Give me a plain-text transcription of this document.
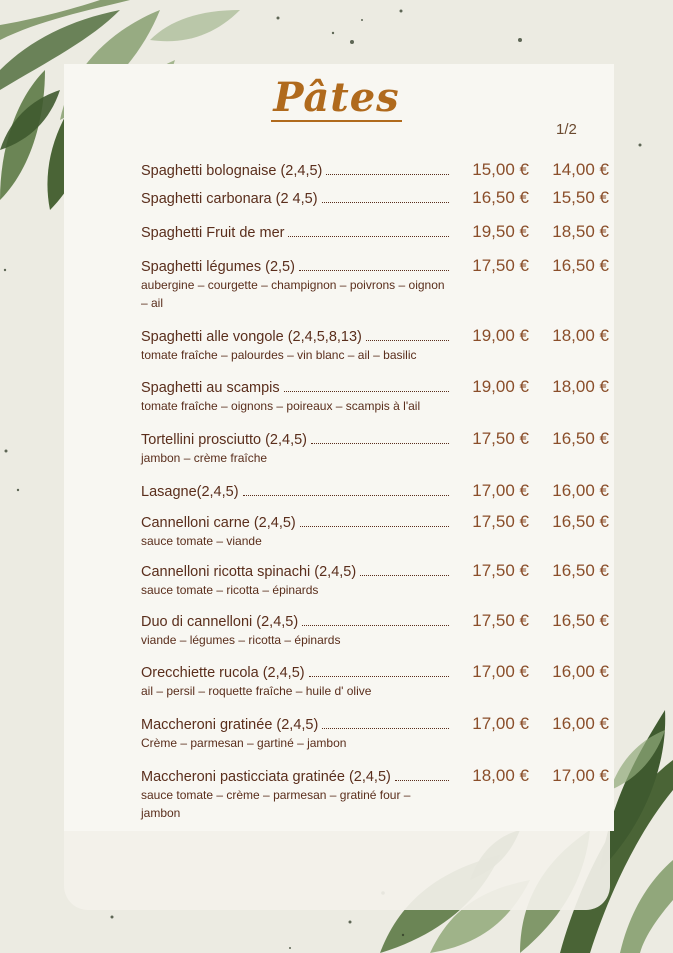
Pâtes
1/2
Spaghetti bolognaise (2,4,5)	15,00 €	14,00 €
Spaghetti carbonara (2 4,5)	16,50 €	15,50 €
Spaghetti Fruit de mer	19,50 €	18,50 €
Spaghetti légumes (2,5)	17,50 €	16,50 €
aubergine – courgette – champignon – poivrons – oignon – ail
Spaghetti alle vongole (2,4,5,8,13)	19,00 €	18,00 €
tomate fraîche – palourdes – vin blanc – ail – basilic
Spaghetti au scampis	19,00 €	18,00 €
tomate fraîche – oignons – poireaux – scampis à l'ail
Tortellini prosciutto (2,4,5)	17,50 €	16,50 €
jambon – crème fraîche
Lasagne(2,4,5)	17,00 €	16,00 €
Cannelloni carne (2,4,5)	17,50 €	16,50 €
sauce tomate – viande
Cannelloni ricotta spinachi (2,4,5)	17,50 €	16,50 €
sauce tomate – ricotta – épinards
Duo di cannelloni (2,4,5)	17,50 €	16,50 €
viande – légumes – ricotta – épinards
Orecchiette rucola (2,4,5)	17,00 €	16,00 €
ail – persil – roquette fraîche – huile d' olive
Maccheroni gratinée (2,4,5)	17,00 €	16,00 €
Crème – parmesan – gartiné – jambon
Maccheroni pasticciata gratinée (2,4,5)	18,00 €	17,00 €
sauce tomate – crème – parmesan – gratiné four – jambon
